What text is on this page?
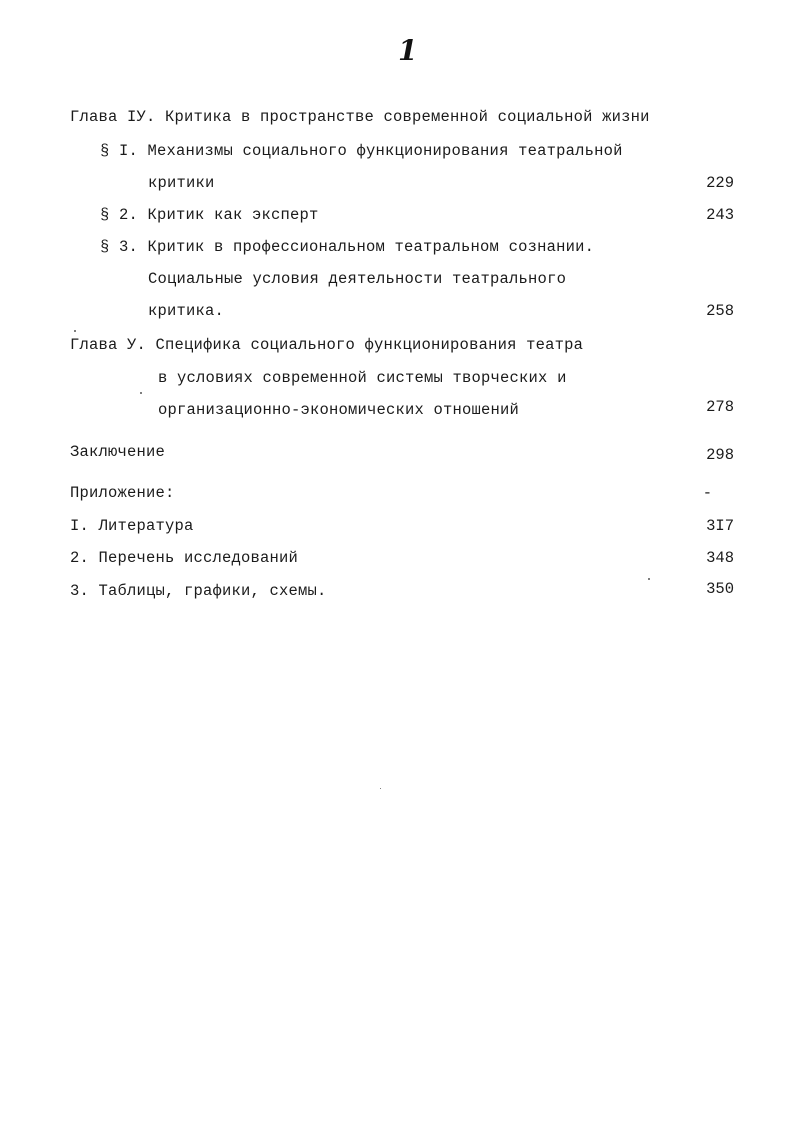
1
Глава IУ. Критика в пространстве современной социальной жизни
§ I. Механизмы социального функционирования театральной
критики	229
§ 2. Критик как эксперт	243
§ 3. Критик в профессиональном театральном сознании.
Социальные условия деятельности театрального
критика.	258
Глава У. Специфика социального функционирования театра
в условиях современной системы творческих и
организационно-экономических отношений	278
Заключение	298
Приложение:	-
I. Литература	3I7
2. Перечень исследований	348
3. Таблицы, графики, схемы.	350
